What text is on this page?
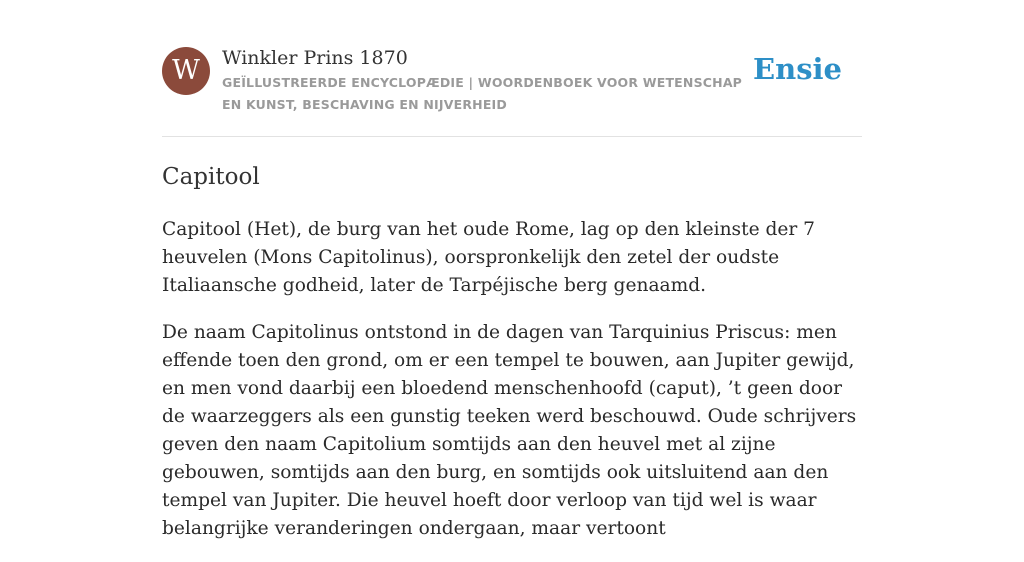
W	Winkler Prins 1870
GEÏLLUSTREERDE ENCYCLOPÆDIE | WOORDENBOEK VOOR WETENSCHAP EN KUNST, BESCHAVING EN NIJVERHEID
Ensie
Capitool

Capitool (Het), de burg van het oude Rome, lag op den kleinste der 7 heuvelen (Mons Capitolinus), oorspronkelijk den zetel der oudste Italiaansche godheid, later de Tarpéjische berg genaamd.

De naam Capitolinus ontstond in de dagen van Tarquinius Priscus: men effende toen den grond, om er een tempel te bouwen, aan Jupiter gewijd, en men vond daarbij een bloedend menschenhoofd (caput), ’t geen door de waarzeggers als een gunstig teeken werd beschouwd. Oude schrijvers geven den naam Capitolium somtijds aan den heuvel met al zijne gebouwen, somtijds aan den burg, en somtijds ook uitsluitend aan den tempel van Jupiter. Die heuvel hoeft door verloop van tijd wel is waar belangrijke veranderingen ondergaan, maar vertoont
